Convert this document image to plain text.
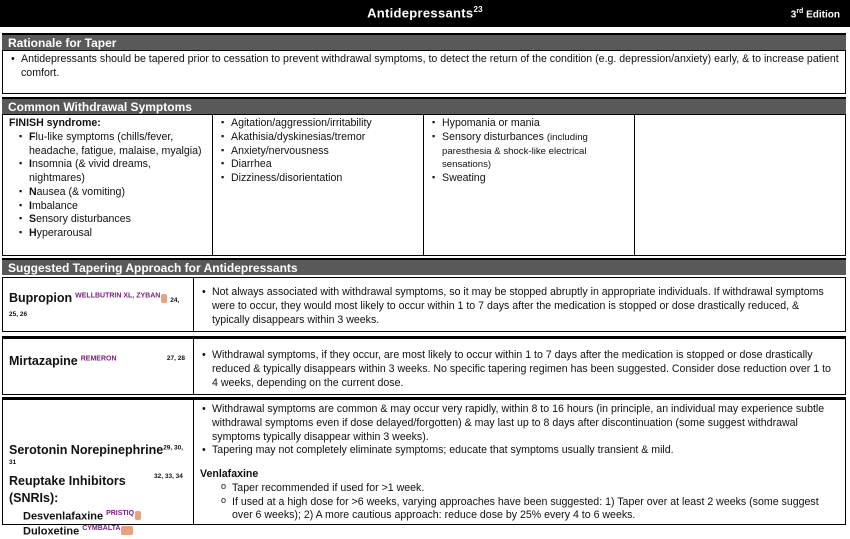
Antidepressants$^{23}$	3rd Edition
Rationale for Taper
• Antidepressants should be tapered prior to cessation to prevent withdrawal symptoms, to detect the return of the condition (e.g. depression/anxiety) early, & to increase patient comfort.
Common Withdrawal Symptoms
FINISH syndrome:
▪ Flu-like symptoms (chills/fever, headache, fatigue, malaise, myalgia)
▪ Insomnia (& vivid dreams, nightmares)
▪ Nausea (& vomiting)
▪ Imbalance
▪ Sensory disturbances
▪ Hyperarousal
▪ Agitation/aggression/irritability
▪ Akathisia/dyskinesias/tremor
▪ Anxiety/nervousness
▪ Diarrhea
▪ Dizziness/disorientation
▪ Hypomania or mania
▪ Sensory disturbances (including paresthesia & shock-like electrical sensations)
▪ Sweating
Suggested Tapering Approach for Antidepressants
Bupropion $^{WELLBUTRIN XL, ZYBAN}$ 24, 25, 26
• Not always associated with withdrawal symptoms, so it may be stopped abruptly in appropriate individuals. If withdrawal symptoms were to occur, they would most likely to occur within 1 to 7 days after the medication is stopped or dose drastically reduced, & typically disappears within 3 weeks.
Mirtazapine $^{REMERON}$	27, 28
•	Withdrawal symptoms, if they occur, are most likely to occur within 1 to 7 days after the medication is stopped or dose drastically reduced & typically disappears within 3 weeks. No specific tapering regimen has been suggested. Consider dose reduction over 1 to 4 weeks, depending on the current dose.
Serotonin Norepinephrine$^{29, 30, 31}$
Reuptake Inhibitors	32, 33, 34
(SNRIs):
Desvenlafaxine $^{PRISTIQ}$
Duloxetine $^{CYMBALTA}$
• Withdrawal symptoms are common & may occur very rapidly, within 8 to 16 hours (in principle, an individual may experience subtle withdrawal symptoms even if dose delayed/forgotten) & may last up to 8 days after discontinuation (some suggest withdrawal symptoms typically disappear within 3 weeks).
• Tapering may not completely eliminate symptoms; educate that symptoms usually transient & mild.
Venlafaxine
o Taper recommended if used for >1 week.
o If used at a high dose for >6 weeks, varying approaches have been suggested: 1) Taper over at least 2 weeks (some suggest over 6 weeks); 2) A more cautious approach: reduce dose by 25% every 4 to 6 weeks.
